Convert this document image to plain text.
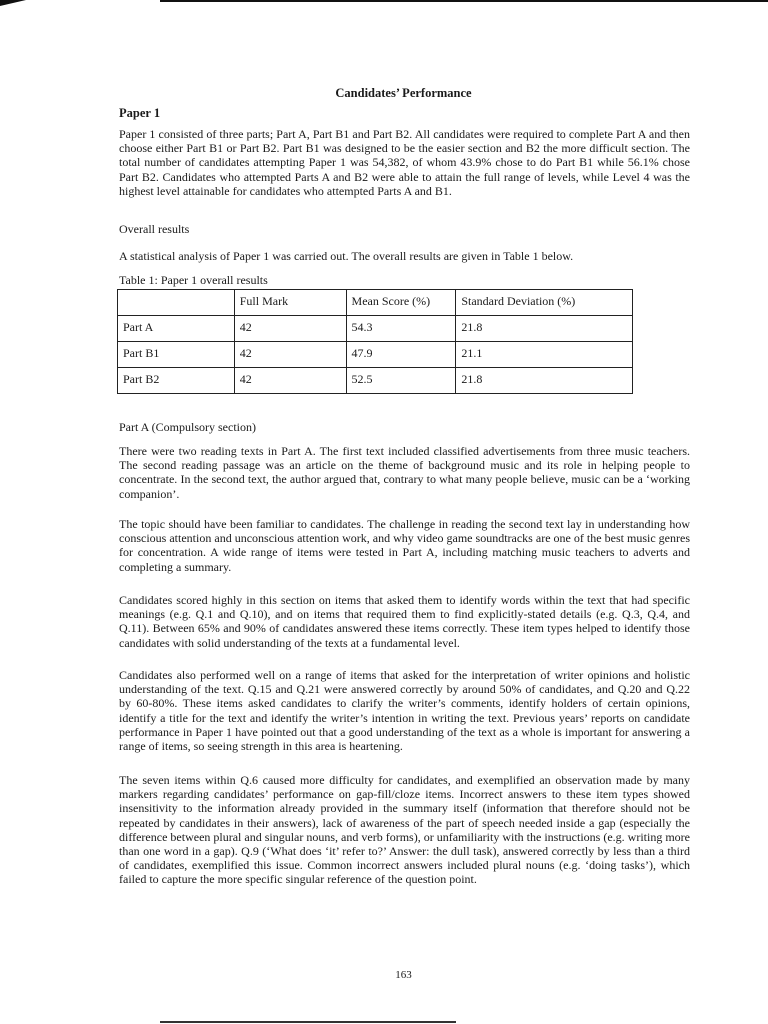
Candidates’ Performance
Paper 1

Paper 1 consisted of three parts; Part A, Part B1 and Part B2. All candidates were required to complete Part A and then choose either Part B1 or Part B2. Part B1 was designed to be the easier section and B2 the more difficult section. The total number of candidates attempting Paper 1 was 54,382, of whom 43.9% chose to do Part B1 while 56.1% chose Part B2. Candidates who attempted Parts A and B2 were able to attain the full range of levels, while Level 4 was the highest level attainable for candidates who attempted Parts A and B1.

Overall results
A statistical analysis of Paper 1 was carried out. The overall results are given in Table 1 below.
Table 1: Paper 1 overall results
	Full Mark	Mean Score (%)	Standard Deviation (%)
Part A	42	54.3	21.8
Part B1	42	47.9	21.1
Part B2	42	52.5	21.8
Part A (Compulsory section)

There were two reading texts in Part A. The first text included classified advertisements from three music teachers. The second reading passage was an article on the theme of background music and its role in helping people to concentrate. In the second text, the author argued that, contrary to what many people believe, music can be a ‘working companion’.

The topic should have been familiar to candidates. The challenge in reading the second text lay in understanding how conscious attention and unconscious attention work, and why video game soundtracks are one of the best music genres for concentration. A wide range of items were tested in Part A, including matching music teachers to adverts and completing a summary.

Candidates scored highly in this section on items that asked them to identify words within the text that had specific meanings (e.g. Q.1 and Q.10), and on items that required them to find explicitly-stated details (e.g. Q.3, Q.4, and Q.11). Between 65% and 90% of candidates answered these items correctly. These item types helped to identify those candidates with solid understanding of the texts at a fundamental level.

Candidates also performed well on a range of items that asked for the interpretation of writer opinions and holistic understanding of the text. Q.15 and Q.21 were answered correctly by around 50% of candidates, and Q.20 and Q.22 by 60-80%. These items asked candidates to clarify the writer’s comments, identify holders of certain opinions, identify a title for the text and identify the writer’s intention in writing the text. Previous years’ reports on candidate performance in Paper 1 have pointed out that a good understanding of the text as a whole is important for answering a range of items, so seeing strength in this area is heartening.

The seven items within Q.6 caused more difficulty for candidates, and exemplified an observation made by many markers regarding candidates’ performance on gap-fill/cloze items. Incorrect answers to these item types showed insensitivity to the information already provided in the summary itself (information that therefore should not be repeated by candidates in their answers), lack of awareness of the part of speech needed inside a gap (especially the difference between plural and singular nouns, and verb forms), or unfamiliarity with the instructions (e.g. writing more than one word in a gap). Q.9 (‘What does ‘it’ refer to?’ Answer: the dull task), answered correctly by less than a third of candidates, exemplified this issue. Common incorrect answers included plural nouns (e.g. ‘doing tasks’), which failed to capture the more specific singular reference of the question point.

163
